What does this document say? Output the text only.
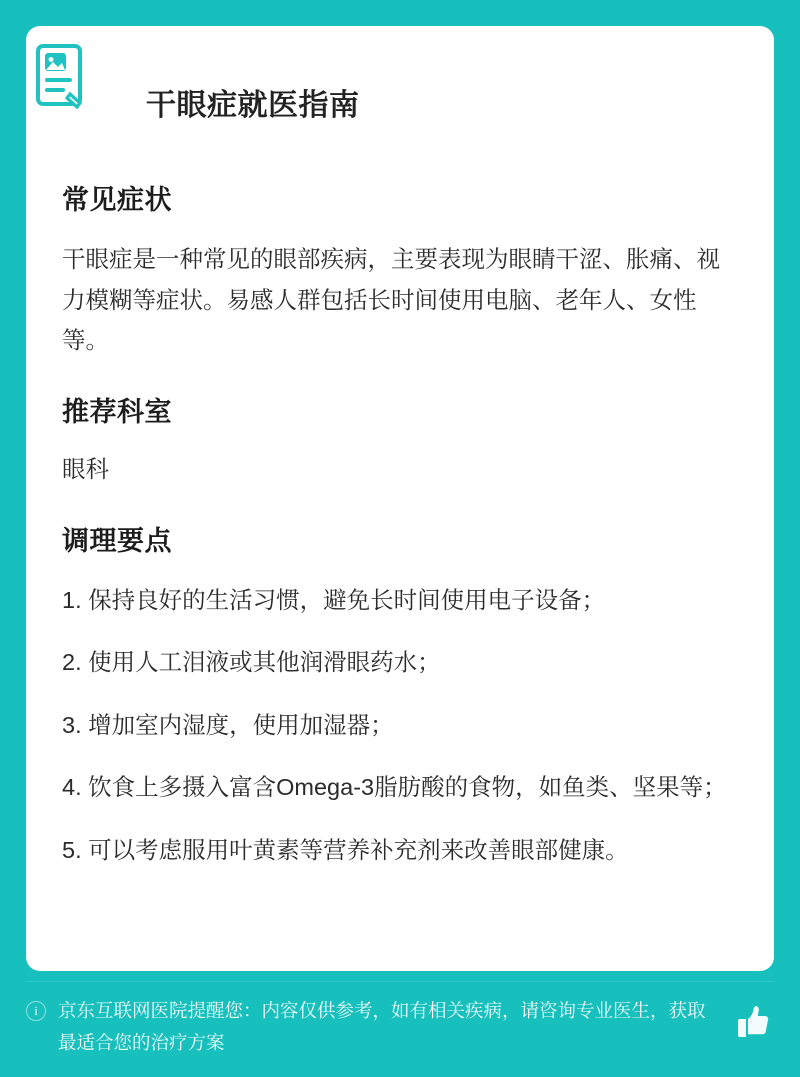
干眼症就医指南
常见症状

干眼症是一种常见的眼部疾病，主要表现为眼睛干涩、胀痛、视力模糊等症状。易感人群包括长时间使用电脑、老年人、女性等。

推荐科室

眼科

调理要点
1. 保持良好的生活习惯，避免长时间使用电子设备；
2. 使用人工泪液或其他润滑眼药水；
3. 增加室内湿度，使用加湿器；
4. 饮食上多摄入富含Omega-3脂肪酸的食物，如鱼类、坚果等；
5. 可以考虑服用叶黄素等营养补充剂来改善眼部健康。
i	京东互联网医院提醒您：内容仅供参考，如有相关疾病，请咨询专业医生，获取最适合您的治疗方案
